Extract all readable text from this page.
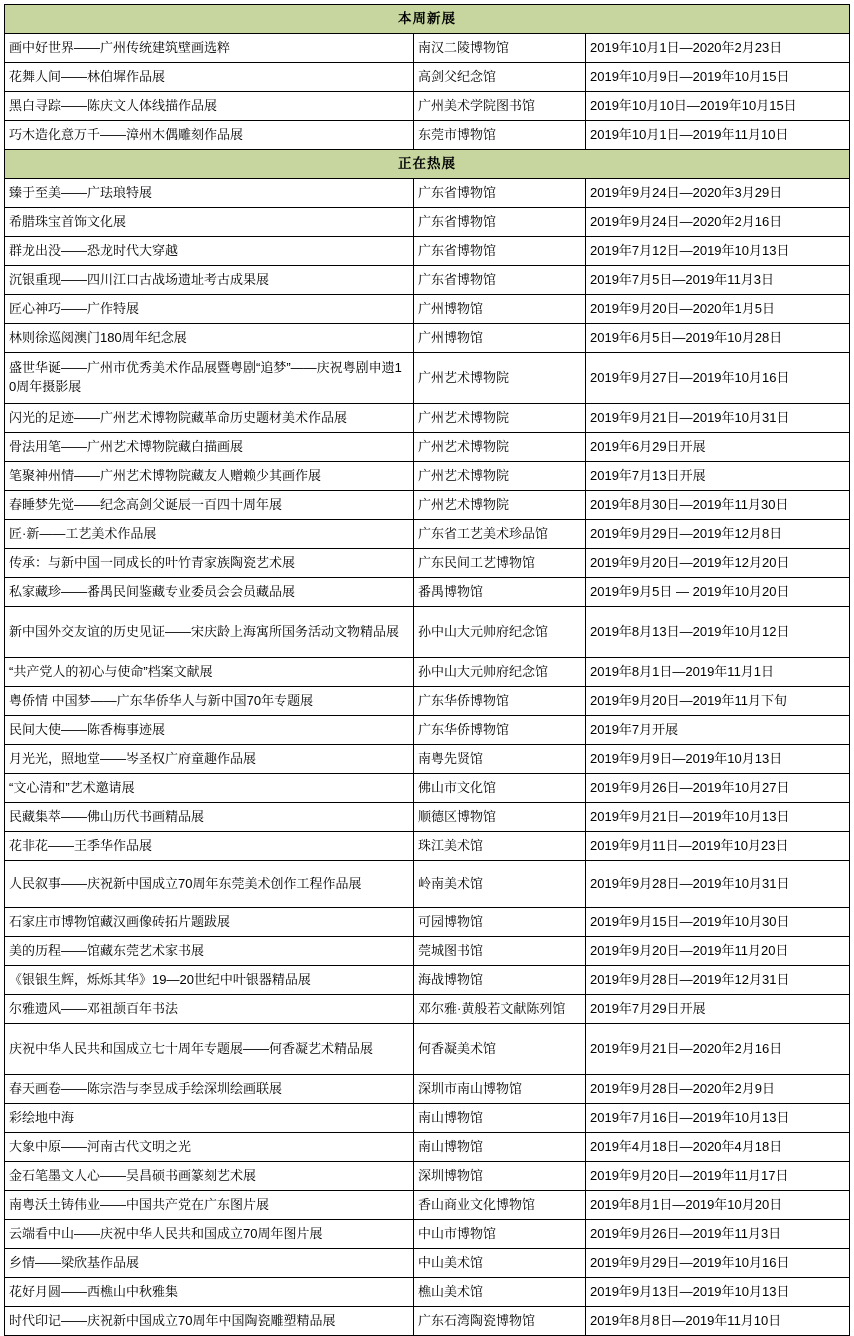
本周新展		
画中好世界——广州传统建筑壁画选粹	南汉二陵博物馆	2019年10月1日—2020年2月23日
花舞人间——林伯墀作品展	高剑父纪念馆	2019年10月9日—2019年10月15日
黑白寻踪——陈庆文人体线描作品展	广州美术学院图书馆	2019年10月10日—2019年10月15日
巧木造化意万千——漳州木偶雕刻作品展	东莞市博物馆	2019年10月1日—2019年11月10日
正在热展		
臻于至美——广珐琅特展	广东省博物馆	2019年9月24日—2020年3月29日
希腊珠宝首饰文化展	广东省博物馆	2019年9月24日—2020年2月16日
群龙出没——恐龙时代大穿越	广东省博物馆	2019年7月12日—2019年10月13日
沉银重现——四川江口古战场遗址考古成果展	广东省博物馆	2019年7月5日—2019年11月3日
匠心神巧——广作特展	广州博物馆	2019年9月20日—2020年1月5日
林则徐巡阅澳门180周年纪念展	广州博物馆	2019年6月5日—2019年10月28日
盛世华诞——广州市优秀美术作品展暨粤剧“追梦”——庆祝粤剧申遗10周年摄影展	广州艺术博物院	2019年9月27日—2019年10月16日
闪光的足迹——广州艺术博物院藏革命历史题材美术作品展	广州艺术博物院	2019年9月21日—2019年10月31日
骨法用笔——广州艺术博物院藏白描画展	广州艺术博物院	2019年6月29日开展
笔聚神州情——广州艺术博物院藏友人赠赖少其画作展	广州艺术博物院	2019年7月13日开展
春睡梦先觉——纪念高剑父诞辰一百四十周年展	广州艺术博物院	2019年8月30日—2019年11月30日
匠·新——工艺美术作品展	广东省工艺美术珍品馆	2019年9月29日—2019年12月8日
传承：与新中国一同成长的叶竹青家族陶瓷艺术展	广东民间工艺博物馆	2019年9月20日—2019年12月20日
私家藏珍——番禺民间鉴藏专业委员会会员藏品展	番禺博物馆	2019年9月5日 — 2019年10月20日
新中国外交友谊的历史见证——宋庆龄上海寓所国务活动文物精品展	孙中山大元帅府纪念馆	2019年8月13日—2019年10月12日
“共产党人的初心与使命”档案文献展	孙中山大元帅府纪念馆	2019年8月1日—2019年11月1日
粤侨情 中国梦——广东华侨华人与新中国70年专题展	广东华侨博物馆	2019年9月20日—2019年11月下旬
民间大使——陈香梅事迹展	广东华侨博物馆	2019年7月开展
月光光，照地堂——岑圣权广府童趣作品展	南粤先贤馆	2019年9月9日—2019年10月13日
“文心清和”艺术邀请展	佛山市文化馆	2019年9月26日—2019年10月27日
民藏集萃——佛山历代书画精品展	顺德区博物馆	2019年9月21日—2019年10月13日
花非花——王季华作品展	珠江美术馆	2019年9月11日—2019年10月23日
人民叙事——庆祝新中国成立70周年东莞美术创作工程作品展	岭南美术馆	2019年9月28日—2019年10月31日
石家庄市博物馆藏汉画像砖拓片题跋展	可园博物馆	2019年9月15日—2019年10月30日
美的历程——馆藏东莞艺术家书展	莞城图书馆	2019年9月20日—2019年11月20日
《银银生辉，烁烁其华》19—20世纪中叶银器精品展	海战博物馆	2019年9月28日—2019年12月31日
尔雅遗风——邓祖颉百年书法	邓尔雅·黄般若文献陈列馆	2019年7月29日开展
庆祝中华人民共和国成立七十周年专题展——何香凝艺术精品展	何香凝美术馆	2019年9月21日—2020年2月16日
春天画卷——陈宗浩与李昱成手绘深圳绘画联展	深圳市南山博物馆	2019年9月28日—2020年2月9日
彩绘地中海	南山博物馆	2019年7月16日—2019年10月13日
大象中原——河南古代文明之光	南山博物馆	2019年4月18日—2020年4月18日
金石笔墨文人心——吴昌硕书画篆刻艺术展	深圳博物馆	2019年9月20日—2019年11月17日
南粤沃土铸伟业——中国共产党在广东图片展	香山商业文化博物馆	2019年8月1日—2019年10月20日
云端看中山——庆祝中华人民共和国成立70周年图片展	中山市博物馆	2019年9月26日—2019年11月3日
乡情——梁欣基作品展	中山美术馆	2019年9月29日—2019年10月16日
花好月圆——西樵山中秋雅集	樵山美术馆	2019年9月13日—2019年10月13日
时代印记——庆祝新中国成立70周年中国陶瓷雕塑精品展	广东石湾陶瓷博物馆	2019年8月8日—2019年11月10日
